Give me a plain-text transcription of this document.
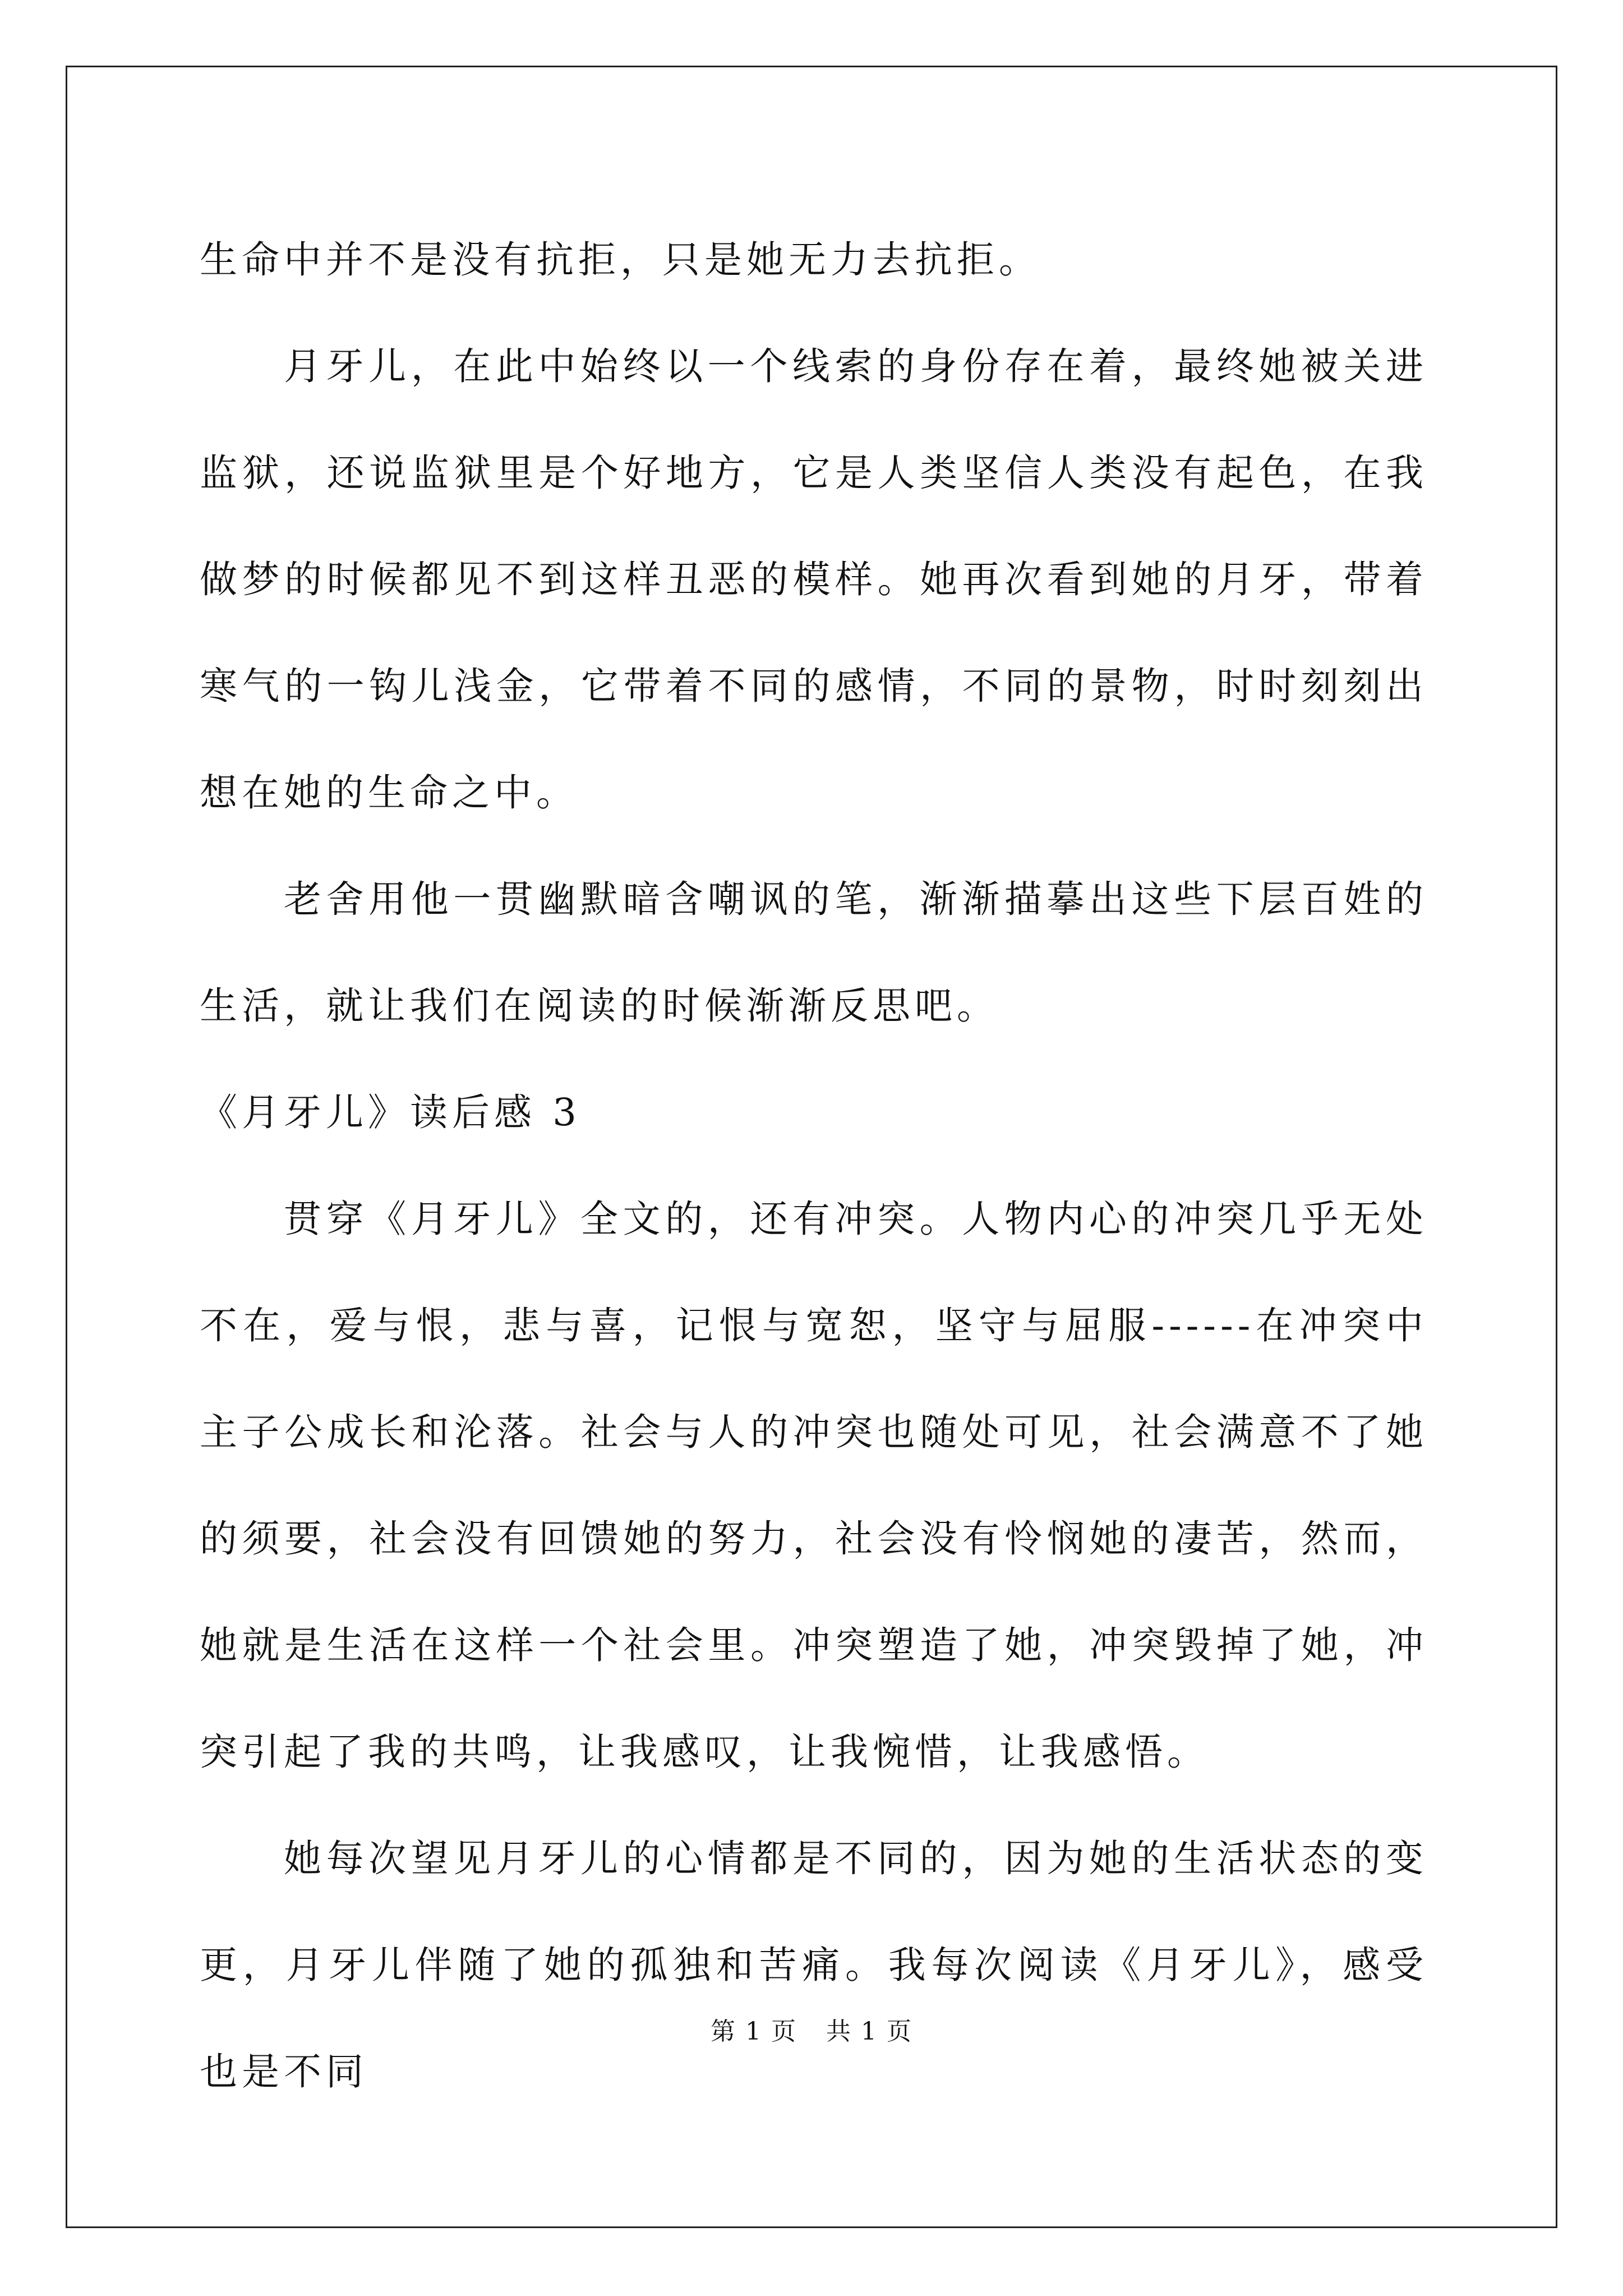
生命中并不是没有抗拒，只是她无力去抗拒。

月牙儿，在此中始终以一个线索的身份存在着，最终她被关进监狱，还说监狱里是个好地方，它是人类坚信人类没有起色，在我做梦的时候都见不到这样丑恶的模样。她再次看到她的月牙，带着寒气的一钩儿浅金，它带着不同的感情，不同的景物，时时刻刻出想在她的生命之中。

老舍用他一贯幽默暗含嘲讽的笔，渐渐描摹出这些下层百姓的生活，就让我们在阅读的时候渐渐反思吧。

《月牙儿》读后感 3

贯穿《月牙儿》全文的，还有冲突。人物内心的冲突几乎无处不在，爱与恨，悲与喜，记恨与宽恕，坚守与屈服------在冲突中主子公成长和沦落。社会与人的冲突也随处可见，社会满意不了她的须要，社会没有回馈她的努力，社会没有怜悯她的凄苦，然而，她就是生活在这样一个社会里。冲突塑造了她，冲突毁掉了她，冲突引起了我的共鸣，让我感叹，让我惋惜，让我感悟。

她每次望见月牙儿的心情都是不同的，因为她的生活状态的变更，月牙儿伴随了她的孤独和苦痛。我每次阅读《月牙儿》，感受也是不同

第 1 页 共 1 页
